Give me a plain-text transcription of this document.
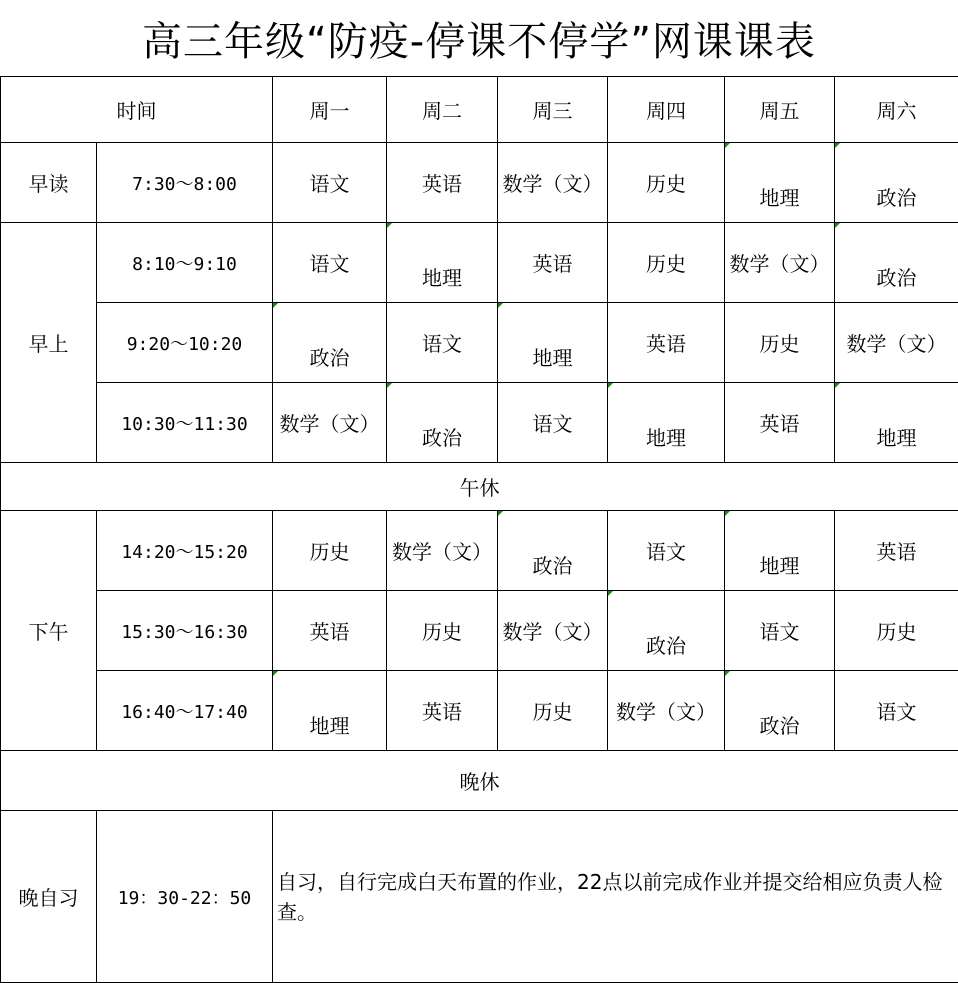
高三年级“防疫-停课不停学”网课课表
时间		周一	周二	周三	周四	周五	周六
早读	7:30～8:00	语文	英语	数学（文）	历史	地理	政治
早上	8:10～9:10	语文	地理	英语	历史	数学（文）	政治
	9:20～10:20	政治	语文	地理	英语	历史	数学（文）
	10:30～11:30	数学（文）	政治	语文	地理	英语	地理
午休							
下午	14:20～15:20	历史	数学（文）	政治	语文	地理	英语
	15:30～16:30	英语	历史	数学（文）	政治	语文	历史
	16:40～17:40	地理	英语	历史	数学（文）	政治	语文
晚休							
晚自习	19：30-22：50	自习，自行完成白天布置的作业，22点以前完成作业并提交给相应负责人检查。					
